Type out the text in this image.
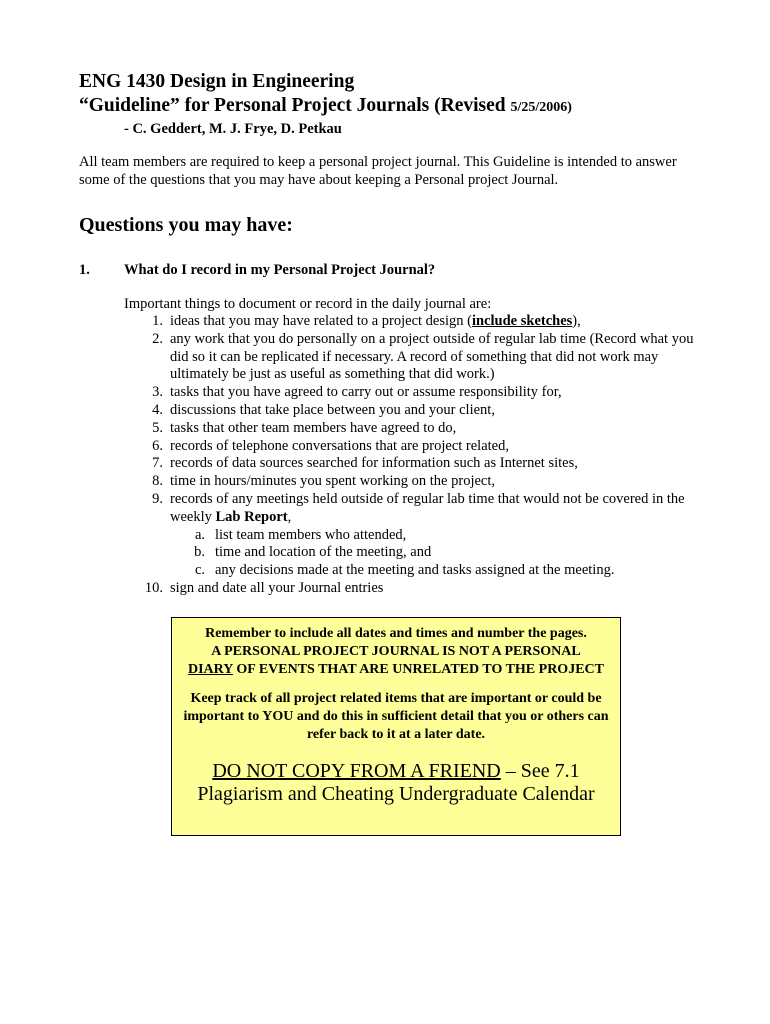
ENG 1430 Design in Engineering
“Guideline” for Personal Project Journals (Revised 5/25/2006)
- C. Geddert, M. J. Frye, D. Petkau
All team members are required to keep a personal project journal. This Guideline is intended to answer some of the questions that you may have about keeping a Personal project Journal.
Questions you may have:
1. What do I record in my Personal Project Journal?
Important things to document or record in the daily journal are:
1. ideas that you may have related to a project design (include sketches),
2. any work that you do personally on a project outside of regular lab time (Record what you did so it can be replicated if necessary. A record of something that did not work may ultimately be just as useful as something that did work.)
3. tasks that you have agreed to carry out or assume responsibility for,
4. discussions that take place between you and your client,
5. tasks that other team members have agreed to do,
6. records of telephone conversations that are project related,
7. records of data sources searched for information such as Internet sites,
8. time in hours/minutes you spent working on the project,
9. records of any meetings held outside of regular lab time that would not be covered in the weekly Lab Report,
a. list team members who attended,
b. time and location of the meeting, and
c. any decisions made at the meeting and tasks assigned at the meeting.
10. sign and date all your Journal entries
Remember to include all dates and times and number the pages.
A PERSONAL PROJECT JOURNAL IS NOT A PERSONAL
DIARY OF EVENTS THAT ARE UNRELATED TO THE PROJECT
Keep track of all project related items that are important or could be important to YOU and do this in sufficient detail that you or others can refer back to it at a later date.
DO NOT COPY FROM A FRIEND – See 7.1 Plagiarism and Cheating Undergraduate Calendar
